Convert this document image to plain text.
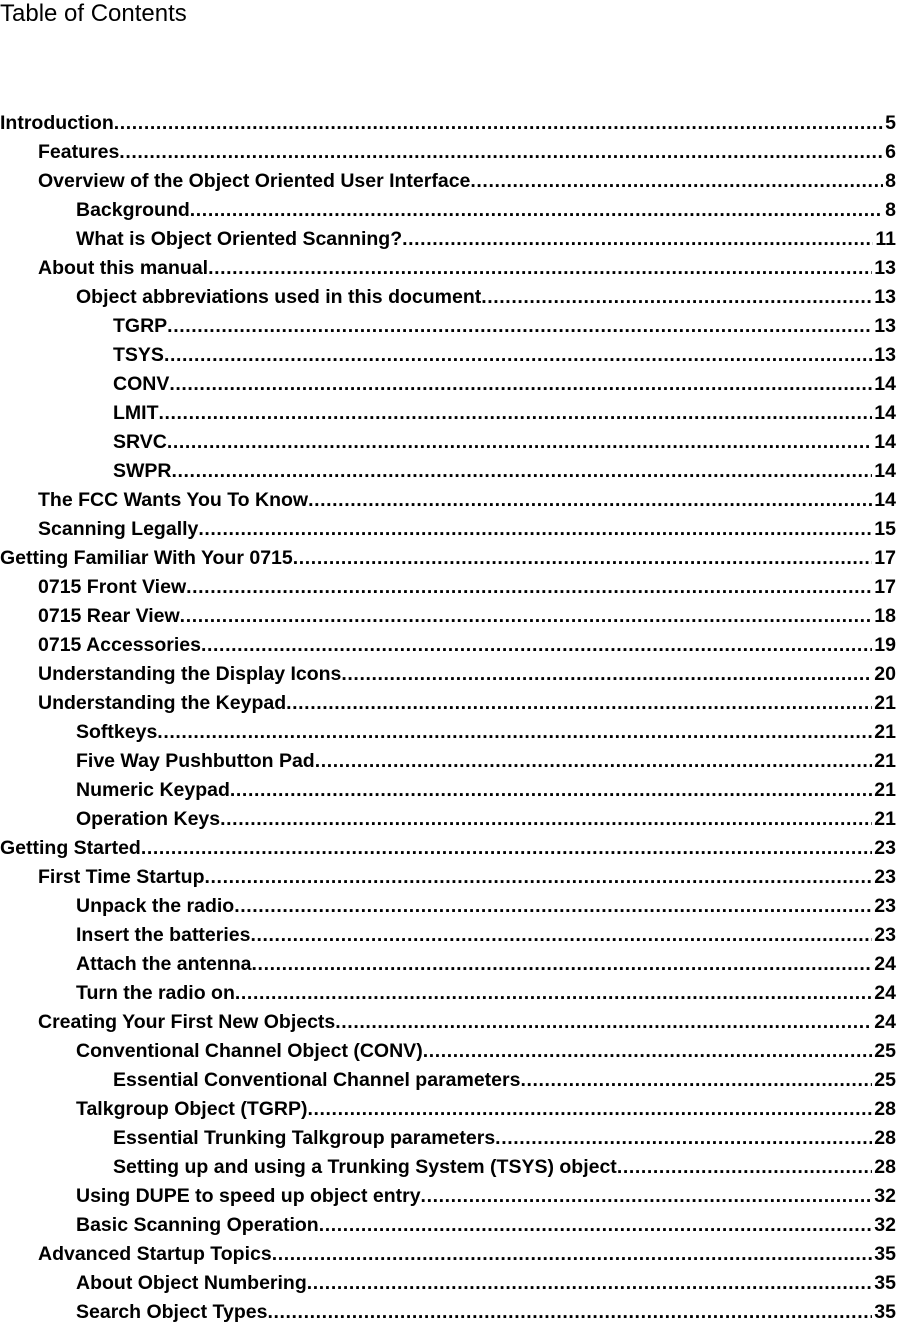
Table of Contents
Introduction .....	5
Features .....	6
Overview of the Object Oriented User Interface .....	8
Background .....	8
What is Object Oriented Scanning? .....	11
About this manual .....	13
Object abbreviations used in this document .....	13
TGRP .....	13
TSYS .....	13
CONV .....	14
LMIT .....	14
SRVC .....	14
SWPR .....	14
The FCC Wants You To Know .....	14
Scanning Legally .....	15
Getting Familiar With Your 0715 .....	17
0715 Front View .....	17
0715 Rear View .....	18
0715 Accessories .....	19
Understanding the Display Icons .....	20
Understanding the Keypad .....	21
Softkeys .....	21
Five Way Pushbutton Pad .....	21
Numeric Keypad .....	21
Operation Keys .....	21
Getting Started .....	23
First Time Startup .....	23
Unpack the radio .....	23
Insert the batteries .....	23
Attach the antenna .....	24
Turn the radio on .....	24
Creating Your First New Objects .....	24
Conventional Channel Object (CONV) .....	25
Essential Conventional Channel parameters .....	25
Talkgroup Object (TGRP) .....	28
Essential Trunking Talkgroup parameters .....	28
Setting up and using a Trunking System (TSYS) object .....	28
Using DUPE to speed up object entry .....	32
Basic Scanning Operation .....	32
Advanced Startup Topics .....	35
About Object Numbering .....	35
Search Object Types .....	35
